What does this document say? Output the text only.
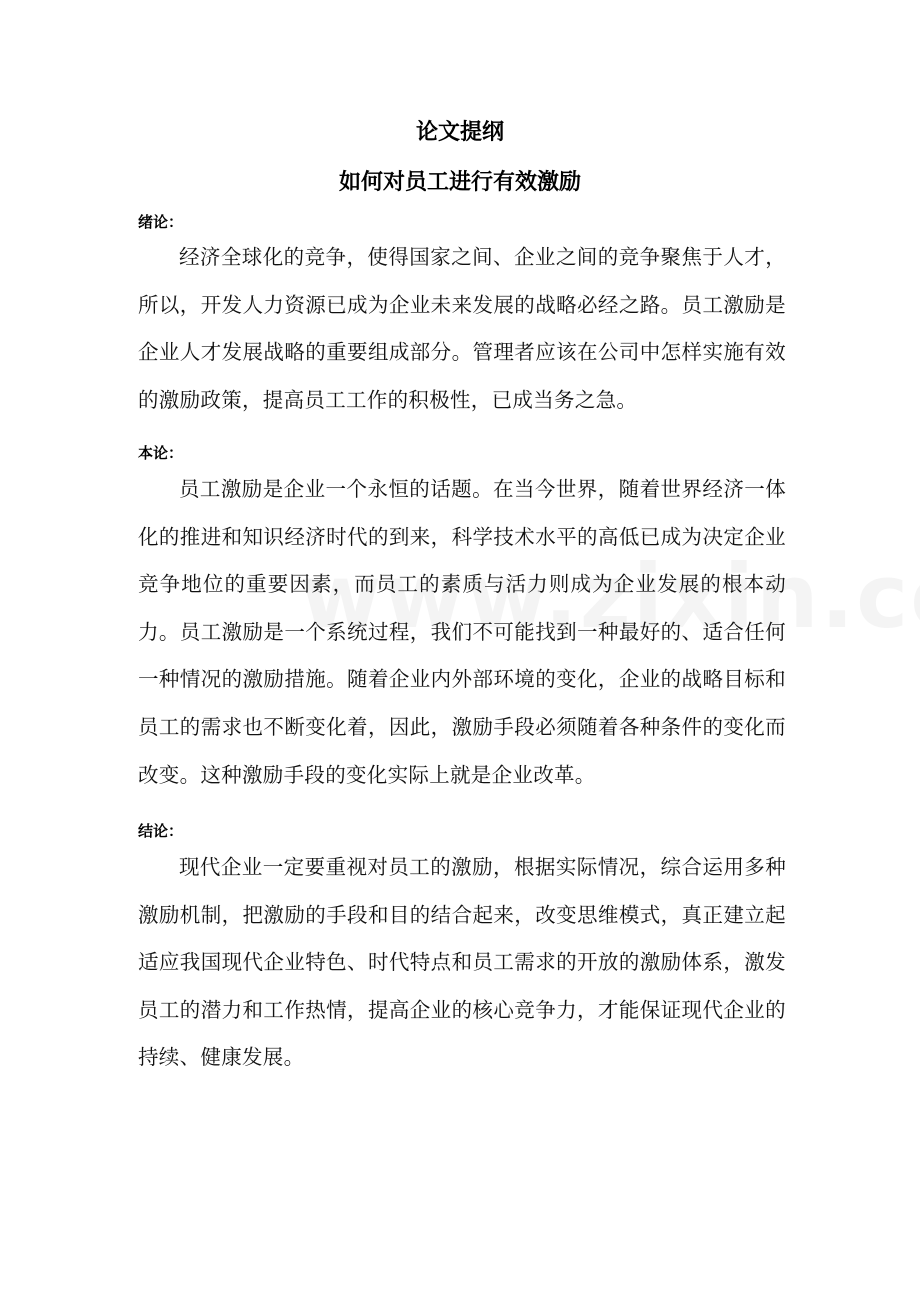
论文提纲
如何对员工进行有效激励
绪论：

经济全球化的竞争，使得国家之间、企业之间的竞争聚焦于人才，所以，开发人力资源已成为企业未来发展的战略必经之路。员工激励是企业人才发展战略的重要组成部分。管理者应该在公司中怎样实施有效的激励政策，提高员工工作的积极性，已成当务之急。

本论：

员工激励是企业一个永恒的话题。在当今世界，随着世界经济一体化的推进和知识经济时代的到来，科学技术水平的高低已成为决定企业竞争地位的重要因素，而员工的素质与活力则成为企业发展的根本动力。员工激励是一个系统过程，我们不可能找到一种最好的、适合任何一种情况的激励措施。随着企业内外部环境的变化，企业的战略目标和员工的需求也不断变化着，因此，激励手段必须随着各种条件的变化而改变。这种激励手段的变化实际上就是企业改革。

结论：

现代企业一定要重视对员工的激励，根据实际情况，综合运用多种激励机制，把激励的手段和目的结合起来，改变思维模式，真正建立起适应我国现代企业特色、时代特点和员工需求的开放的激励体系，激发员工的潜力和工作热情，提高企业的核心竞争力，才能保证现代企业的持续、健康发展。
